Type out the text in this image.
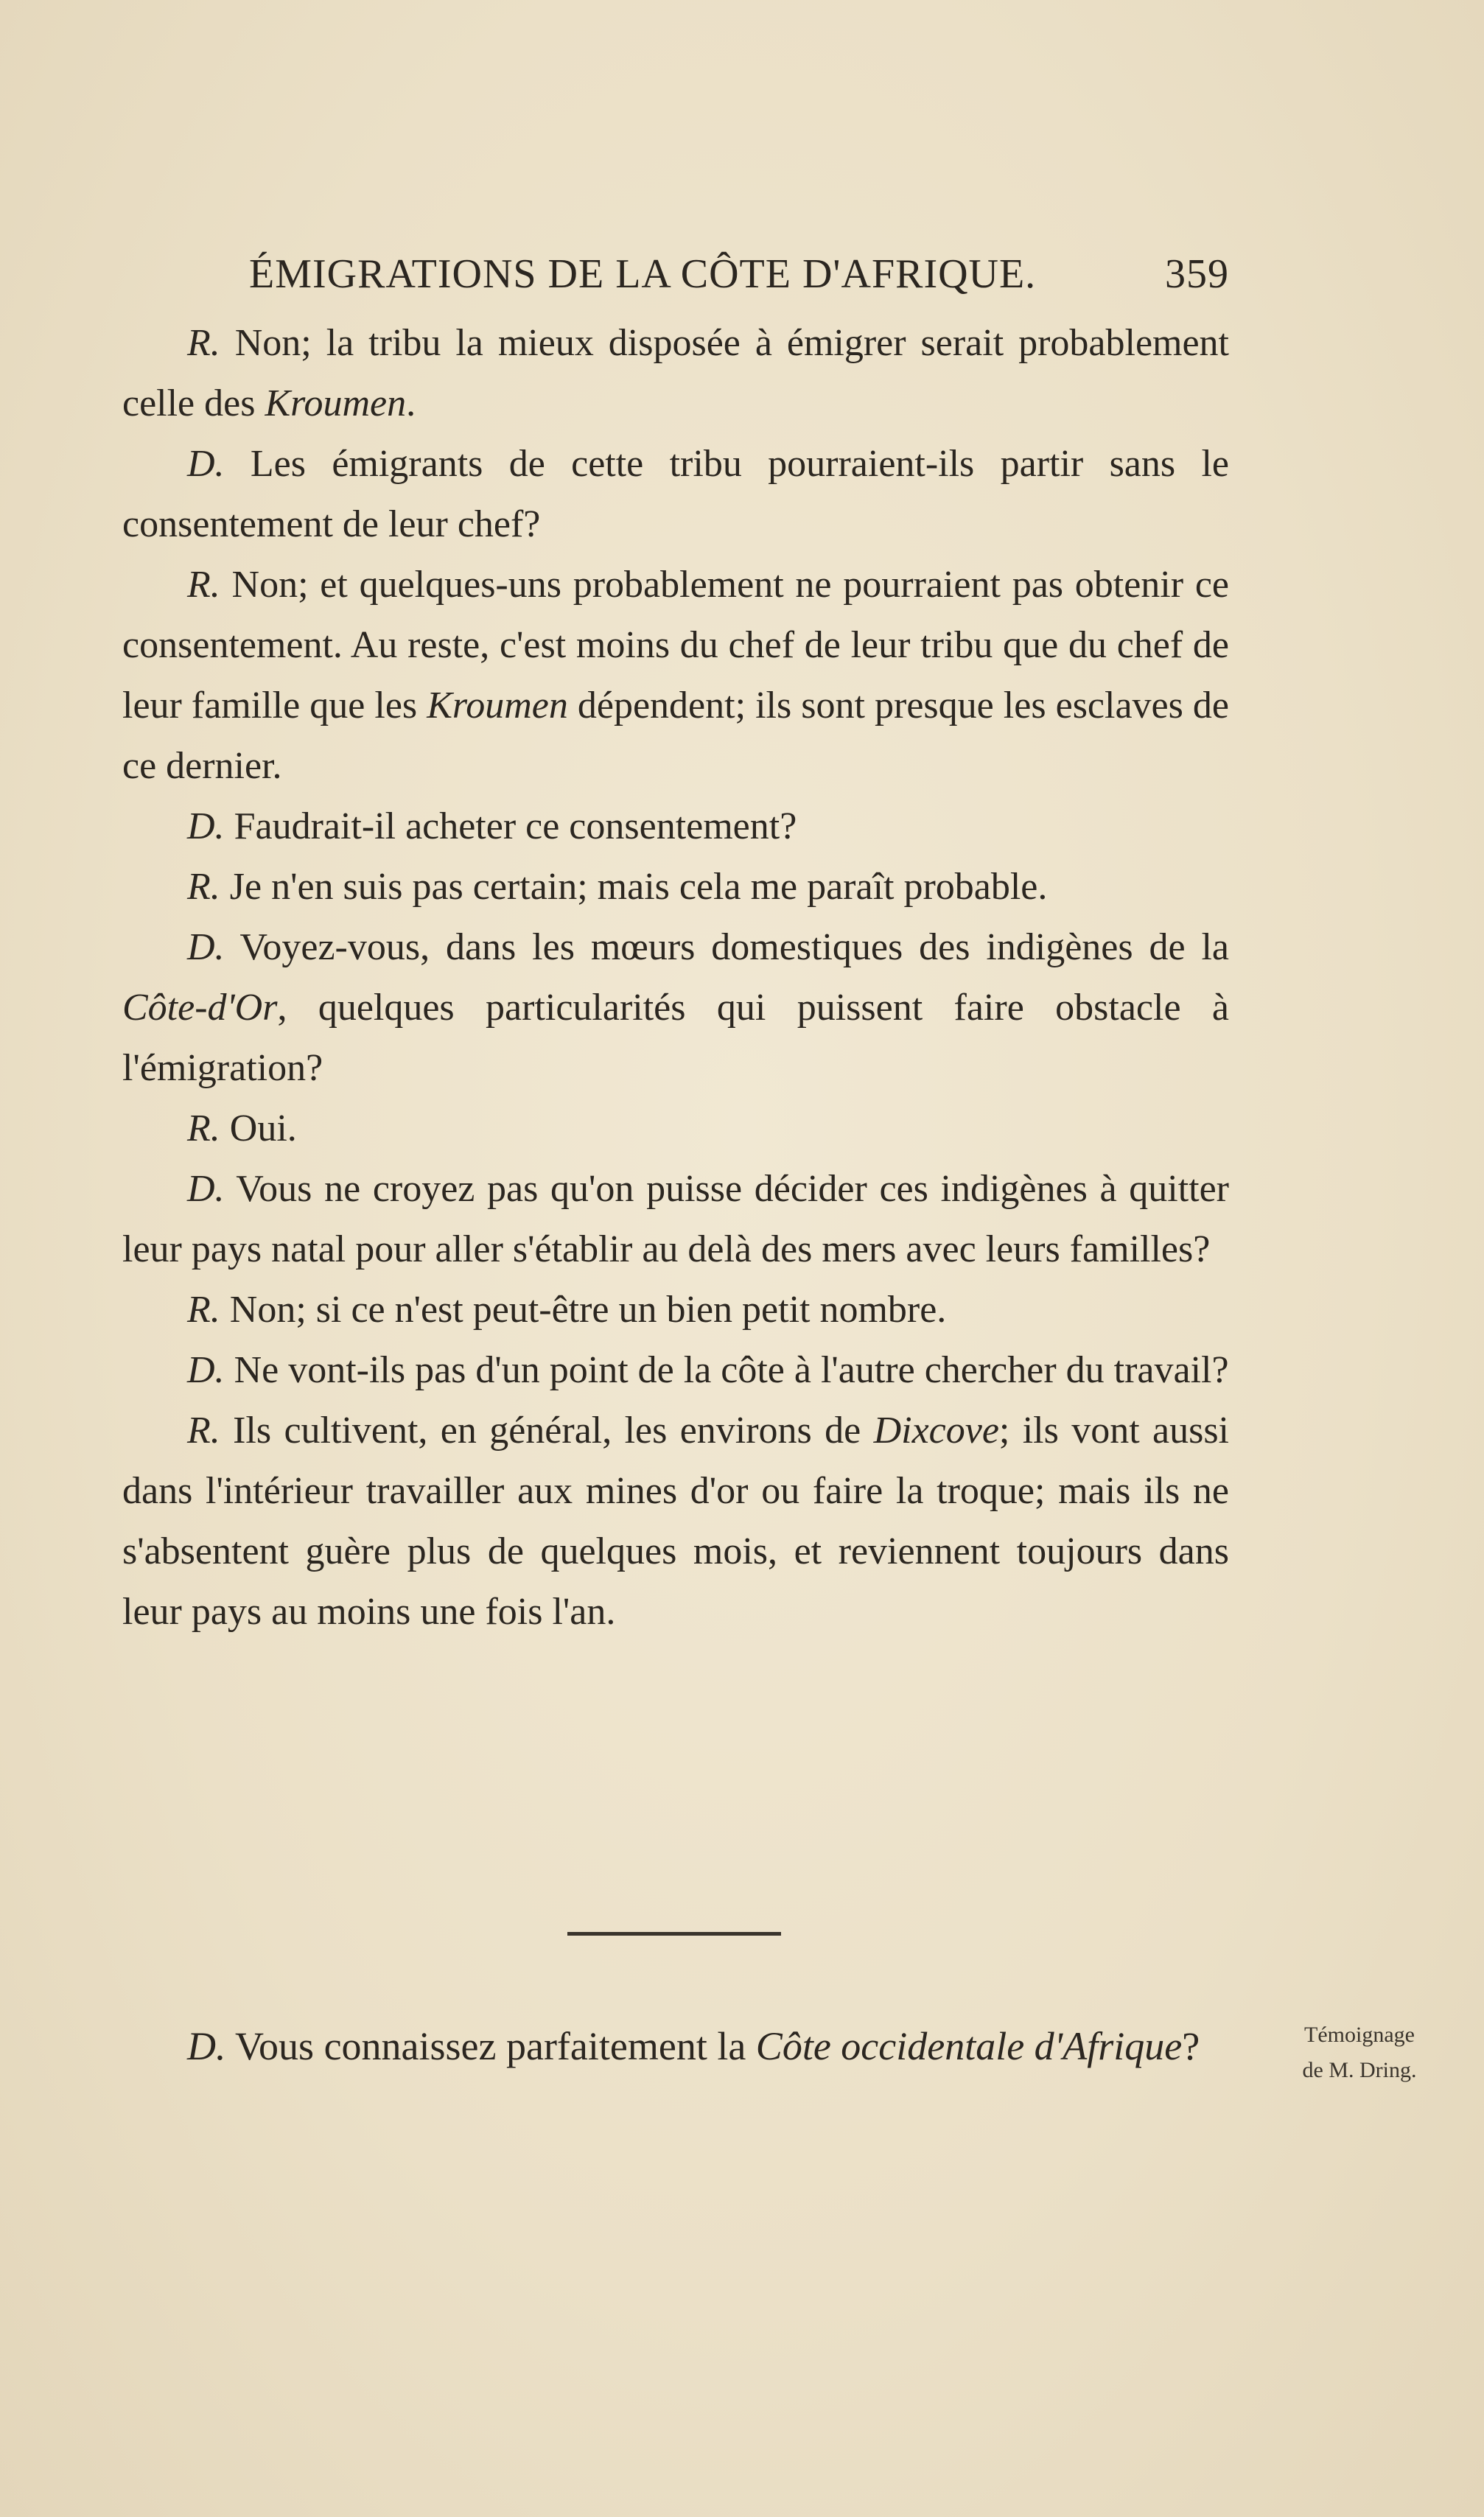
ÉMIGRATIONS DE LA CÔTE D'AFRIQUE.	359

R. Non; la tribu la mieux disposée à émigrer serait probablement celle des Kroumen.

D. Les émigrants de cette tribu pourraient-ils partir sans le consentement de leur chef?

R. Non; et quelques-uns probablement ne pourraient pas obtenir ce consentement. Au reste, c'est moins du chef de leur tribu que du chef de leur famille que les Kroumen dépendent; ils sont presque les esclaves de ce dernier.

D. Faudrait-il acheter ce consentement?

R. Je n'en suis pas certain; mais cela me paraît probable.

D. Voyez-vous, dans les mœurs domestiques des indigènes de la Côte-d'Or, quelques particularités qui puissent faire obstacle à l'émigration?

R. Oui.

D. Vous ne croyez pas qu'on puisse décider ces indigènes à quitter leur pays natal pour aller s'établir au delà des mers avec leurs familles?

R. Non; si ce n'est peut-être un bien petit nombre.

D. Ne vont-ils pas d'un point de la côte à l'autre chercher du travail?

R. Ils cultivent, en général, les environs de Dixcove; ils vont aussi dans l'intérieur travailler aux mines d'or ou faire la troque; mais ils ne s'absentent guère plus de quelques mois, et reviennent toujours dans leur pays au moins une fois l'an.

D. Vous connaissez parfaitement la Côte occidentale d'Afrique?	Témoignage
de M. Dring.
